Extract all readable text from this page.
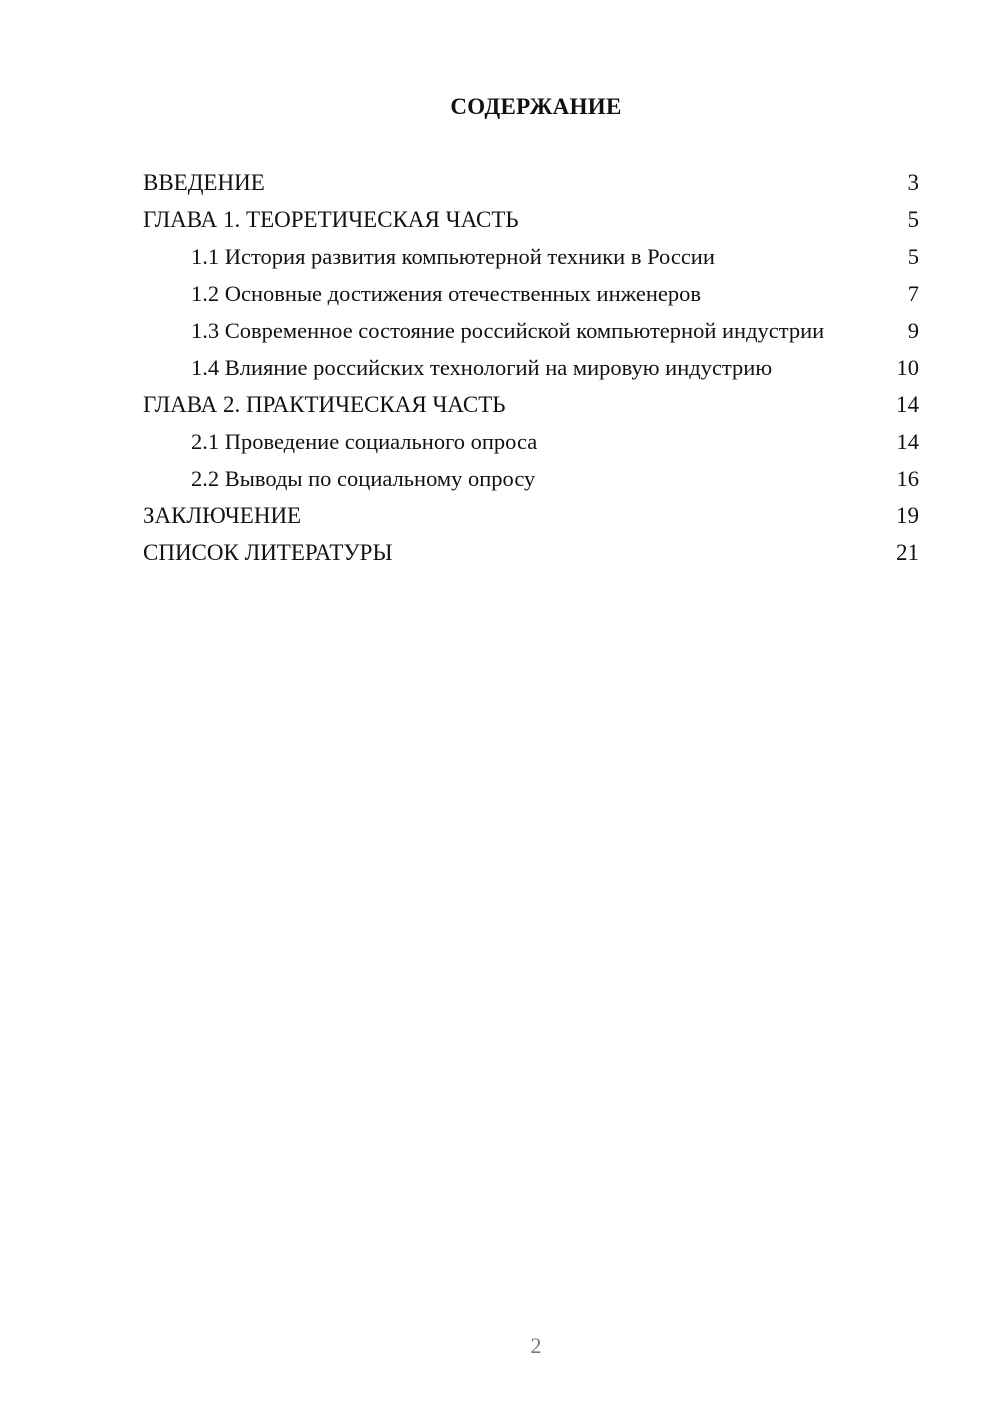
СОДЕРЖАНИЕ
ВВЕДЕНИЕ	3
ГЛАВА 1. ТЕОРЕТИЧЕСКАЯ ЧАСТЬ	5
1.1 История развития компьютерной техники в России	5
1.2 Основные достижения отечественных инженеров	7
1.3 Современное состояние российской компьютерной индустрии	9
1.4 Влияние российских технологий на мировую индустрию	10
ГЛАВА 2. ПРАКТИЧЕСКАЯ ЧАСТЬ	14
2.1 Проведение социального опроса	14
2.2 Выводы по социальному опросу	16
ЗАКЛЮЧЕНИЕ	19
СПИСОК ЛИТЕРАТУРЫ	21
2
